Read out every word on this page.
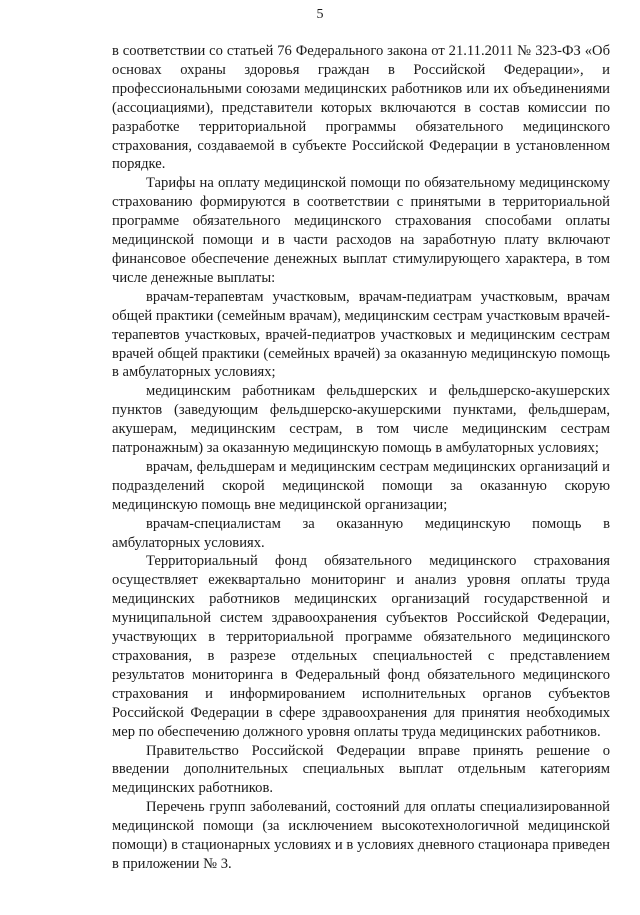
5

в соответствии со статьей 76 Федерального закона от 21.11.2011 № 323-ФЗ «Об основах охраны здоровья граждан в Российской Федерации», и профессиональными союзами медицинских работников или их объединениями (ассоциациями), представители которых включаются в состав комиссии по разработке территориальной программы обязательного медицинского страхования, создаваемой в субъекте Российской Федерации в установленном порядке.

Тарифы на оплату медицинской помощи по обязательному медицинскому страхованию формируются в соответствии с принятыми в территориальной программе обязательного медицинского страхования способами оплаты медицинской помощи и в части расходов на заработную плату включают финансовое обеспечение денежных выплат стимулирующего характера, в том числе денежные выплаты:

врачам-терапевтам участковым, врачам-педиатрам участковым, врачам общей практики (семейным врачам), медицинским сестрам участковым врачей-терапевтов участковых, врачей-педиатров участковых и медицинским сестрам врачей общей практики (семейных врачей) за оказанную медицинскую помощь в амбулаторных условиях;

медицинским работникам фельдшерских и фельдшерско-акушерских пунктов (заведующим фельдшерско-акушерскими пунктами, фельдшерам, акушерам, медицинским сестрам, в том числе медицинским сестрам патронажным) за оказанную медицинскую помощь в амбулаторных условиях;

врачам, фельдшерам и медицинским сестрам медицинских организаций и подразделений скорой медицинской помощи за оказанную скорую медицинскую помощь вне медицинской организации;

врачам-специалистам за оказанную медицинскую помощь в амбулаторных условиях.

Территориальный фонд обязательного медицинского страхования осуществляет ежеквартально мониторинг и анализ уровня оплаты труда медицинских работников медицинских организаций государственной и муниципальной систем здравоохранения субъектов Российской Федерации, участвующих в территориальной программе обязательного медицинского страхования, в разрезе отдельных специальностей с представлением результатов мониторинга в Федеральный фонд обязательного медицинского страхования и информированием исполнительных органов субъектов Российской Федерации в сфере здравоохранения для принятия необходимых мер по обеспечению должного уровня оплаты труда медицинских работников.

Правительство Российской Федерации вправе принять решение о введении дополнительных специальных выплат отдельным категориям медицинских работников.

Перечень групп заболеваний, состояний для оплаты специализированной медицинской помощи (за исключением высокотехнологичной медицинской помощи) в стационарных условиях и в условиях дневного стационара приведен в приложении № 3.
